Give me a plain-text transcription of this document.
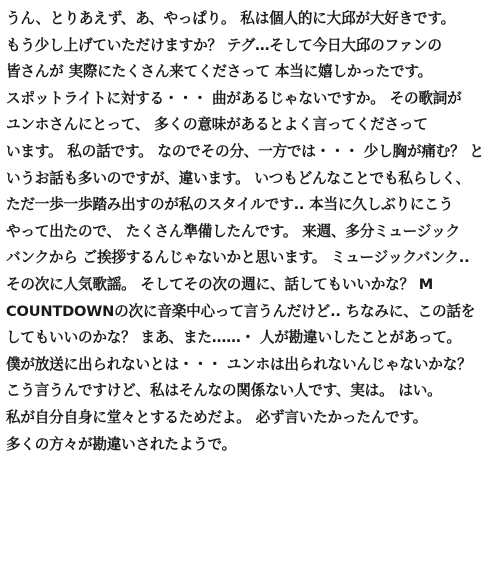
うん、とりあえず、あ、やっぱり。 私は個人的に大邱が大好きです。
もう少し上げていただけますか？ テグ…そして今日大邱のファンの
皆さんが 実際にたくさん来てくださって 本当に嬉しかったです。
スポットライトに対する・・・ 曲があるじゃないですか。 その歌詞が
ユンホさんにとって、 多くの意味があるとよく言ってくださって
います。 私の話です。 なのでその分、一方では・・・ 少し胸が痛む？ と
いうお話も多いのですが、違います。 いつもどんなことでも私らしく、
ただ一歩一歩踏み出すのが私のスタイルです.. 本当に久しぶりにこう
やって出たので、 たくさん準備したんです。 来週、多分ミュージック
バンクから ご挨拶するんじゃないかと思います。 ミュージックバンク..
その次に人気歌謡。 そしてその次の週に、話してもいいかな？ M
COUNTDOWNの次に音楽中心って言うんだけど.. ちなみに、この話を
してもいいのかな？ まあ、また……・ 人が勘違いしたことがあって。
僕が放送に出られないとは・・・ ユンホは出られないんじゃないかな？
こう言うんですけど、私はそんなの関係ない人です、実は。 はい。
私が自分自身に堂々とするためだよ。 必ず言いたかったんです。
多くの方々が勘違いされたようで。
